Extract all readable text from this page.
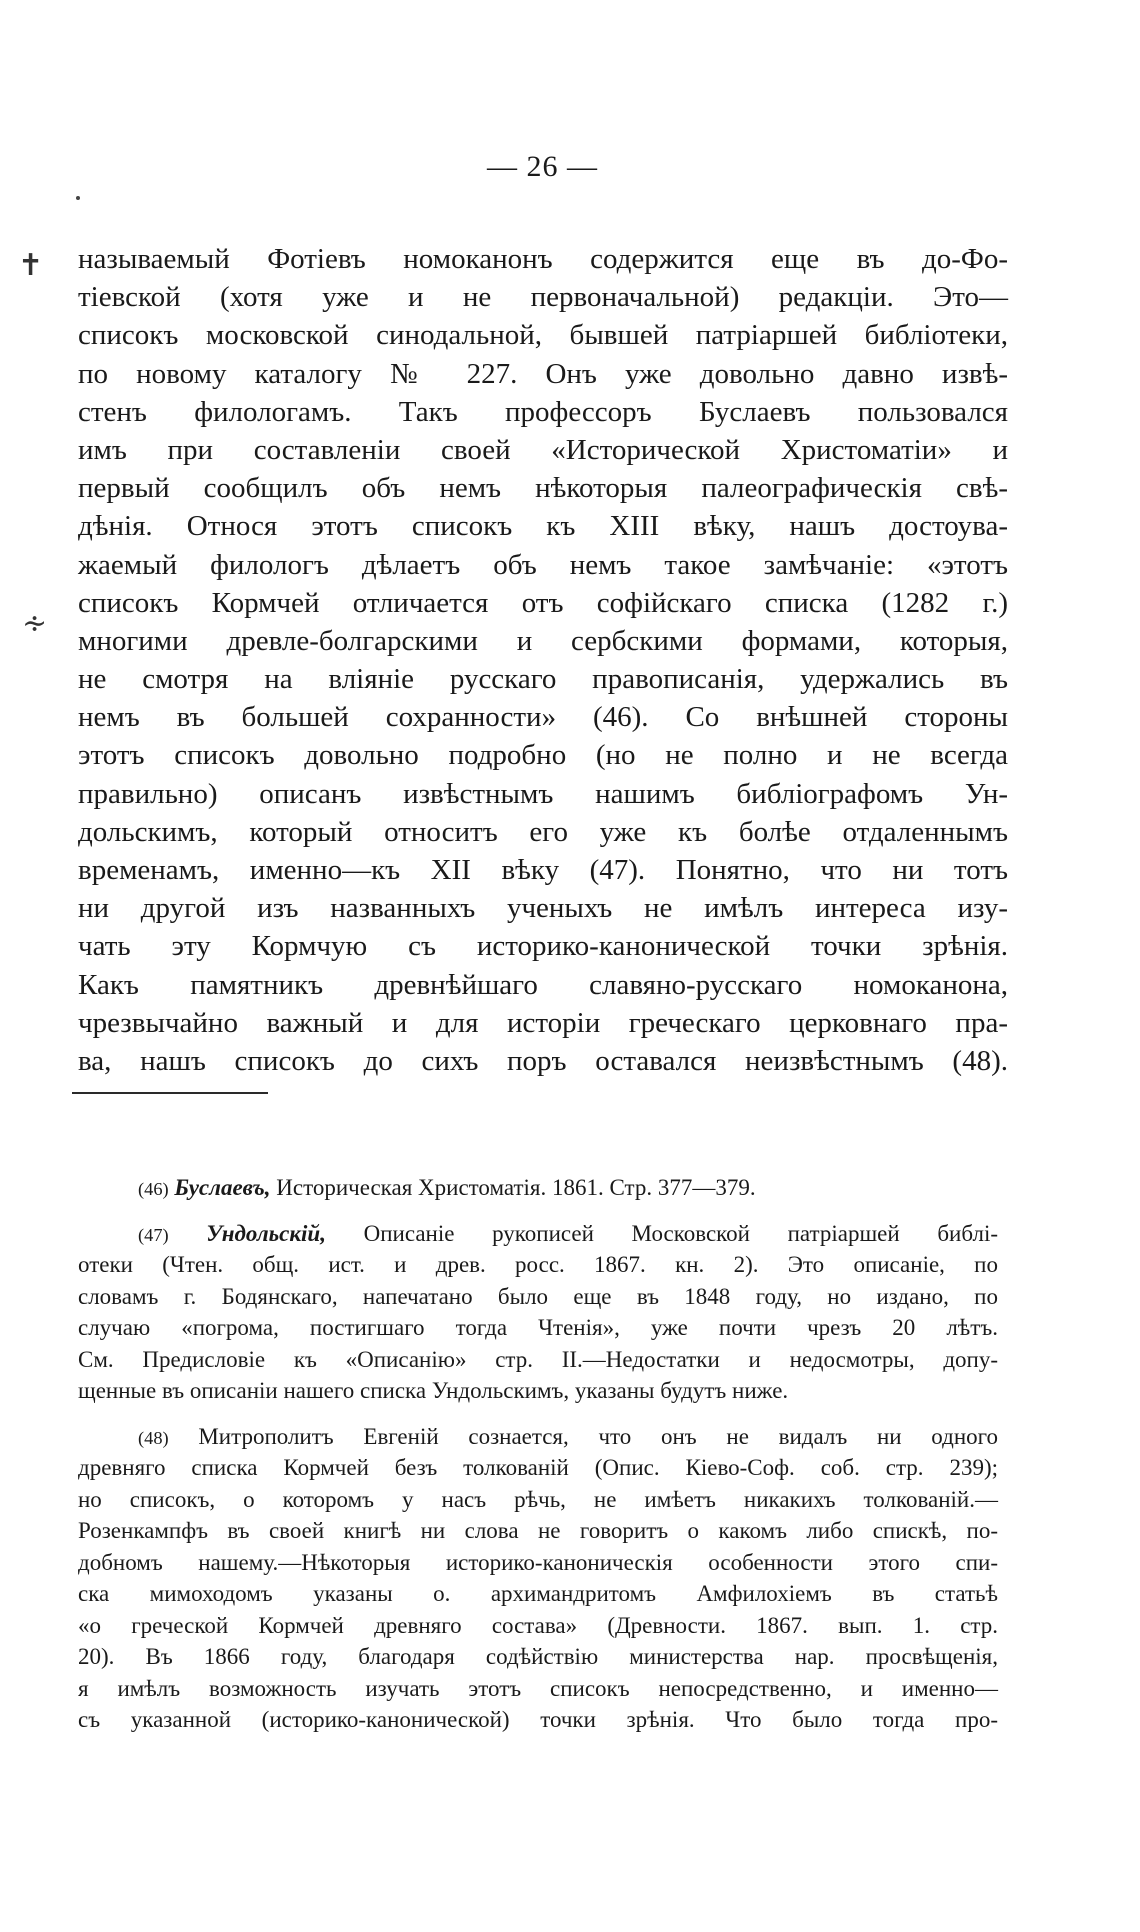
— 26 —
✝
∻
называемый Фотіевъ номоканонъ содержится еще въ до-Фо-
тіевской (хотя уже и не первоначальной) редакціи. Это—
списокъ московской синодальной, бывшей патріаршей библіотеки,
по новому каталогу № 227. Онъ уже довольно давно извѣ-
стенъ филологамъ. Такъ профессоръ Буслаевъ пользовался
имъ при составленіи своей «Исторической Христоматіи» и
первый сообщилъ объ немъ нѣкоторыя палеографическія свѣ-
дѣнія. Относя этотъ списокъ къ XIII вѣку, нашъ достоува-
жаемый филологъ дѣлаетъ объ немъ такое замѣчаніе: «этотъ
списокъ Кормчей отличается отъ софійскаго списка (1282 г.)
многими древле-болгарскими и сербскими формами, которыя,
не смотря на вліяніе русскаго правописанія, удержались въ
немъ въ большей сохранности» (46). Со внѣшней стороны
этотъ списокъ довольно подробно (но не полно и не всегда
правильно) описанъ извѣстнымъ нашимъ библіографомъ Ун-
дольскимъ, который относитъ его уже къ болѣе отдаленнымъ
временамъ, именно—къ XII вѣку (47). Понятно, что ни тотъ
ни другой изъ названныхъ ученыхъ не имѣлъ интереса изу-
чать эту Кормчую съ историко-канонической точки зрѣнія.
Какъ памятникъ древнѣйшаго славяно-русскаго номоканона,
чрезвычайно важный и для исторіи греческаго церковнаго пра-
ва, нашъ списокъ до сихъ поръ оставался неизвѣстнымъ (48).
(46) Буслаевъ, Историческая Христоматія. 1861. Стр. 377—379.
(47) Ундольскій, Описаніе рукописей Московской патріаршей библі-
отеки (Чтен. общ. ист. и древ. росс. 1867. кн. 2). Это описаніе, по
словамъ г. Бодянскаго, напечатано было еще въ 1848 году, но издано, по
случаю «погрома, постигшаго тогда Чтенія», уже почти чрезъ 20 лѣтъ.
См. Предисловіе къ «Описанію» стр. II.—Недостатки и недосмотры, допу-
щенные въ описаніи нашего списка Ундольскимъ, указаны будутъ ниже.
(48) Митрополитъ Евгеній сознается, что онъ не видалъ ни одного
древняго списка Кормчей безъ толкованій (Опис. Кіево-Соф. соб. стр. 239);
но списокъ, о которомъ у насъ рѣчь, не имѣетъ никакихъ толкованій.—
Розенкампфъ въ своей книгѣ ни слова не говоритъ о какомъ либо спискѣ, по-
добномъ нашему.—Нѣкоторыя историко-каноническія особенности этого спи-
ска мимоходомъ указаны о. архимандритомъ Амфилохіемъ въ статьѣ
«о греческой Кормчей древняго состава» (Древности. 1867. вып. 1. стр.
20). Въ 1866 году, благодаря содѣйствію министерства нар. просвѣщенія,
я имѣлъ возможность изучать этотъ списокъ непосредственно, и именно—
съ указанной (историко-канонической) точки зрѣнія. Что было тогда про-
